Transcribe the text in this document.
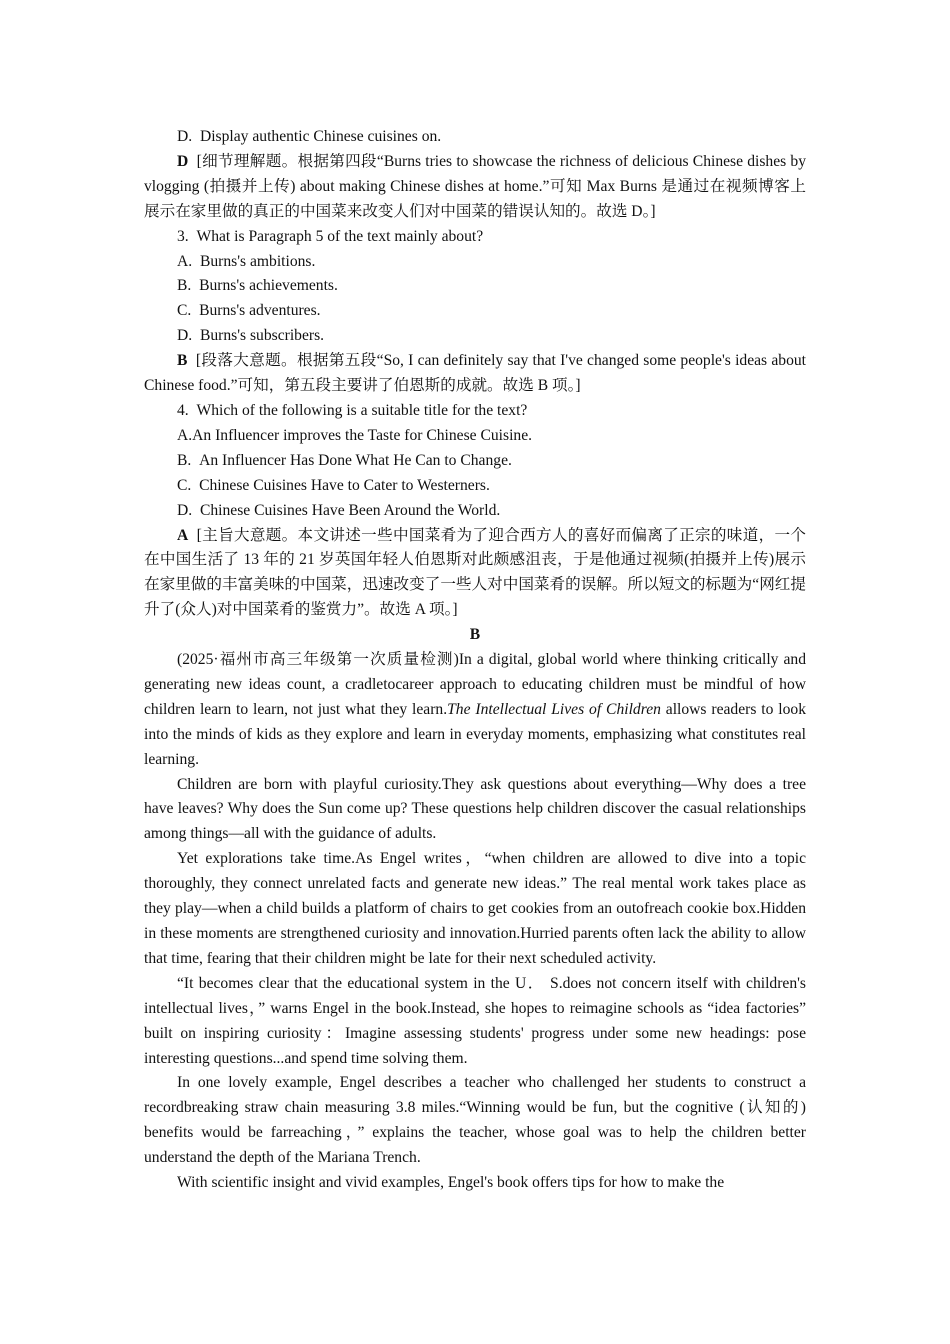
D.  Display authentic Chinese cuisines on.

D  [细节理解题。根据第四段“Burns tries to showcase the richness of delicious Chinese dishes by vlogging (拍摄并上传) about making Chinese dishes at home.”可知 Max Burns 是通过在视频博客上展示在家里做的真正的中国菜来改变人们对中国菜的错误认知的。故选 D。]

3.  What is Paragraph 5 of the text mainly about?

A.  Burns's ambitions.

B.  Burns's achievements.

C.  Burns's adventures.

D.  Burns's subscribers.

B  [段落大意题。根据第五段“So, I can definitely say that I've changed some people's ideas about Chinese food.”可知，第五段主要讲了伯恩斯的成就。故选 B 项。]

4.  Which of the following is a suitable title for the text?

A.An Influencer improves the Taste for Chinese Cuisine.

B.  An Influencer Has Done What He Can to Change.

C.  Chinese Cuisines Have to Cater to Westerners.

D.  Chinese Cuisines Have Been Around the World.

A  [主旨大意题。本文讲述一些中国菜肴为了迎合西方人的喜好而偏离了正宗的味道，一个在中国生活了 13 年的 21 岁英国年轻人伯恩斯对此颇感沮丧，于是他通过视频(拍摄并上传)展示在家里做的丰富美味的中国菜，迅速改变了一些人对中国菜肴的误解。所以短文的标题为“网红提升了(众人)对中国菜肴的鉴赏力”。故选 A 项。]

B

(2025·福州市高三年级第一次质量检测)In a digital, global world where thinking critically and generating new ideas count, a cradletocareer approach to educating children must be mindful of how children learn to learn, not just what they learn.The Intellectual Lives of Children allows readers to look into the minds of kids as they explore and learn in everyday moments, emphasizing what constitutes real learning.

Children are born with playful curiosity.They ask questions about everything—Why does a tree have leaves? Why does the Sun come up? These questions help children discover the casual relationships among things—all with the guidance of adults.

Yet explorations take time.As Engel writes，“when children are allowed to dive into a topic thoroughly, they connect unrelated facts and generate new ideas.” The real mental work takes place as they play—when a child builds a platform of chairs to get cookies from an outofreach cookie box.Hidden in these moments are strengthened curiosity and innovation.Hurried parents often lack the ability to allow that time, fearing that their children might be late for their next scheduled activity.

“It becomes clear that the educational system in the U． S.does not concern itself with children's intellectual lives，” warns Engel in the book.Instead, she hopes to reimagine schools as “idea factories” built on inspiring curiosity：Imagine assessing students' progress under some new headings: pose interesting questions...and spend time solving them.

In one lovely example, Engel describes a teacher who challenged her students to construct a recordbreaking straw chain measuring 3.8 miles.“Winning would be fun, but the cognitive (认知的) benefits would be farreaching，” explains the teacher, whose goal was to help the children better understand the depth of the Mariana Trench.

With scientific insight and vivid examples, Engel's book offers tips for how to make the
